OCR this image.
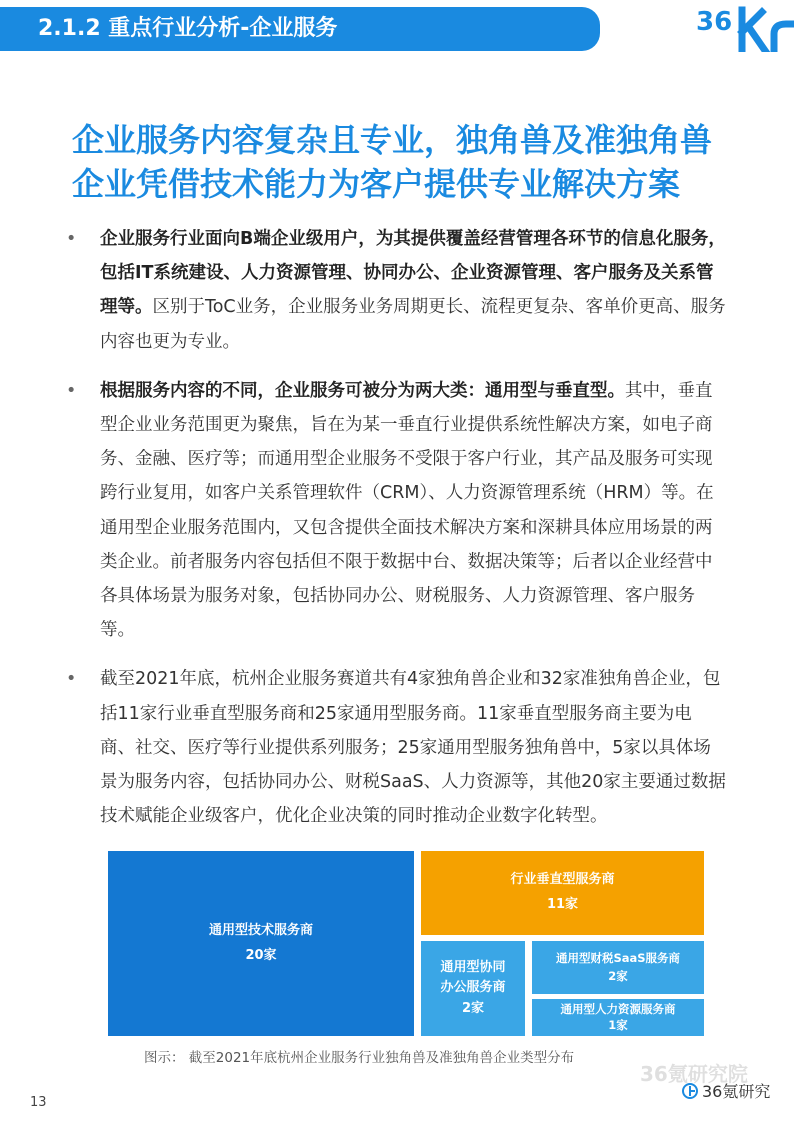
2.1.2 重点行业分析-企业服务	36
企业服务内容复杂且专业，独角兽及准独角兽
企业凭借技术能力为客户提供专业解决方案
• 企业服务行业面向B端企业级用户，为其提供覆盖经营管理各环节的信息化服务，包括IT系统建设、人力资源管理、协同办公、企业资源管理、客户服务及关系管理等。区别于ToC业务，企业服务业务周期更长、流程更复杂、客单价更高、服务内容也更为专业。
• 根据服务内容的不同，企业服务可被分为两大类：通用型与垂直型。其中，垂直型企业业务范围更为聚焦，旨在为某一垂直行业提供系统性解决方案，如电子商务、金融、医疗等；而通用型企业服务不受限于客户行业，其产品及服务可实现跨行业复用，如客户关系管理软件（CRM）、人力资源管理系统（HRM）等。在通用型企业服务范围内，又包含提供全面技术解决方案和深耕具体应用场景的两类企业。前者服务内容包括但不限于数据中台、数据决策等；后者以企业经营中各具体场景为服务对象，包括协同办公、财税服务、人力资源管理、客户服务等。
• 截至2021年底，杭州企业服务赛道共有4家独角兽企业和32家准独角兽企业，包括11家行业垂直型服务商和25家通用型服务商。11家垂直型服务商主要为电商、社交、医疗等行业提供系列服务；25家通用型服务独角兽中，5家以具体场景为服务内容，包括协同办公、财税SaaS、人力资源等，其他20家主要通过数据技术赋能企业级客户，优化企业决策的同时推动企业数字化转型。
通用型技术服务商
20家
行业垂直型服务商
11家
通用型协同
办公服务商
2家
通用型财税SaaS服务商
2家
通用型人力资源服务商
1家
图示： 截至2021年底杭州企业服务行业独角兽及准独角兽企业类型分布
36氪研究院
36氪研究
13
